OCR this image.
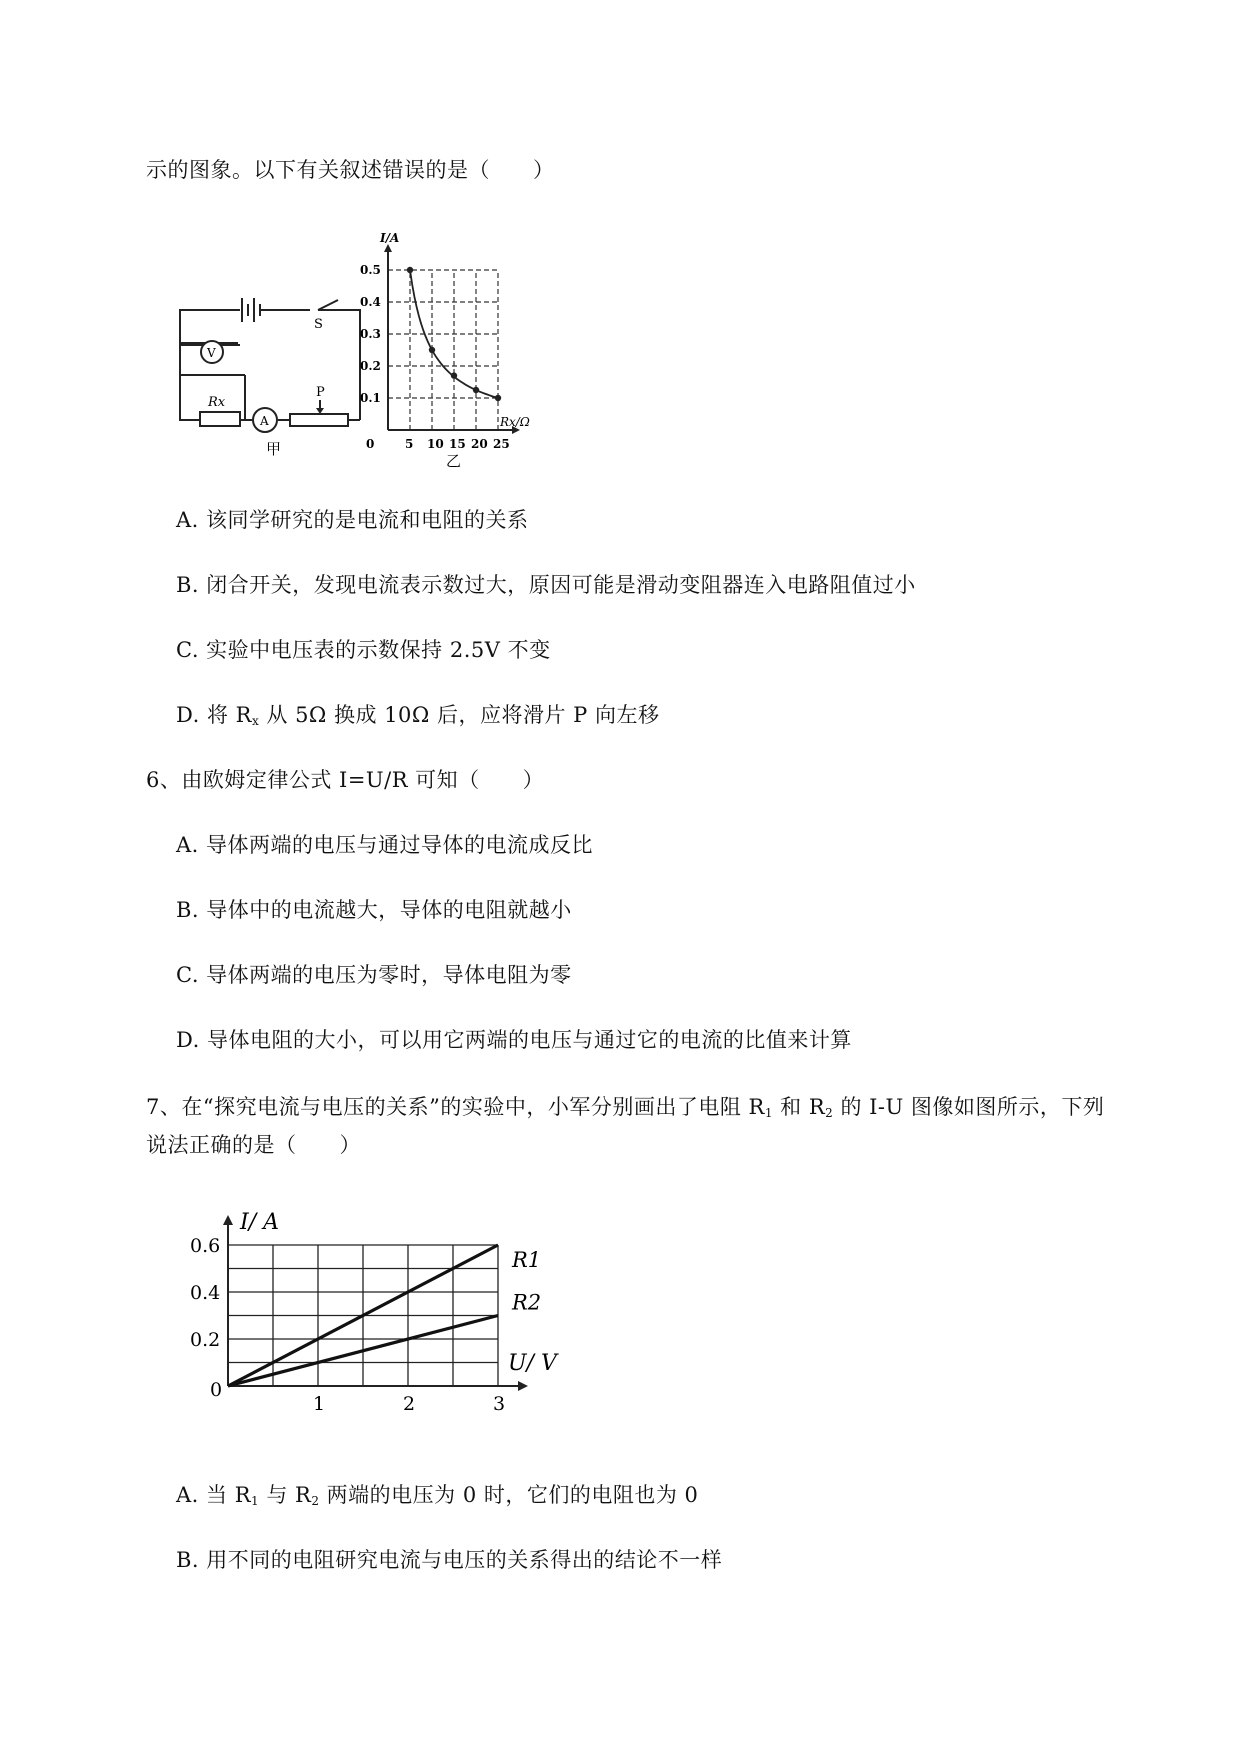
示的图象。以下有关叙述错误的是（　　）
S
V
Rx
A
P
甲
0.5
0.4
0.3
0.2
0.1
5 10 15 20 25
0
I/A
Rx/Ω
乙
A. 该同学研究的是电流和电阻的关系
B. 闭合开关，发现电流表示数过大，原因可能是滑动变阻器连入电路阻值过小
C. 实验中电压表的示数保持 2.5V 不变
D. 将 $R_x$ 从 5Ω 换成 10Ω 后，应将滑片 P 向左移
6、由欧姆定律公式 I=U/R 可知（　　）
A. 导体两端的电压与通过导体的电流成反比
B. 导体中的电流越大，导体的电阻就越小
C. 导体两端的电压为零时，导体电阻为零
D. 导体电阻的大小，可以用它两端的电压与通过它的电流的比值来计算
7、在“探究电流与电压的关系”的实验中，小军分别画出了电阻 $R_1$ 和 $R_2$ 的 I-U 图像如图所示，下列
说法正确的是（　　）
0.6
0.4
0.2
1	2	3
0
I/ A
U/ V
R1
R2
A. 当 $R_1$ 与 $R_2$ 两端的电压为 0 时，它们的电阻也为 0
B. 用不同的电阻研究电流与电压的关系得出的结论不一样
